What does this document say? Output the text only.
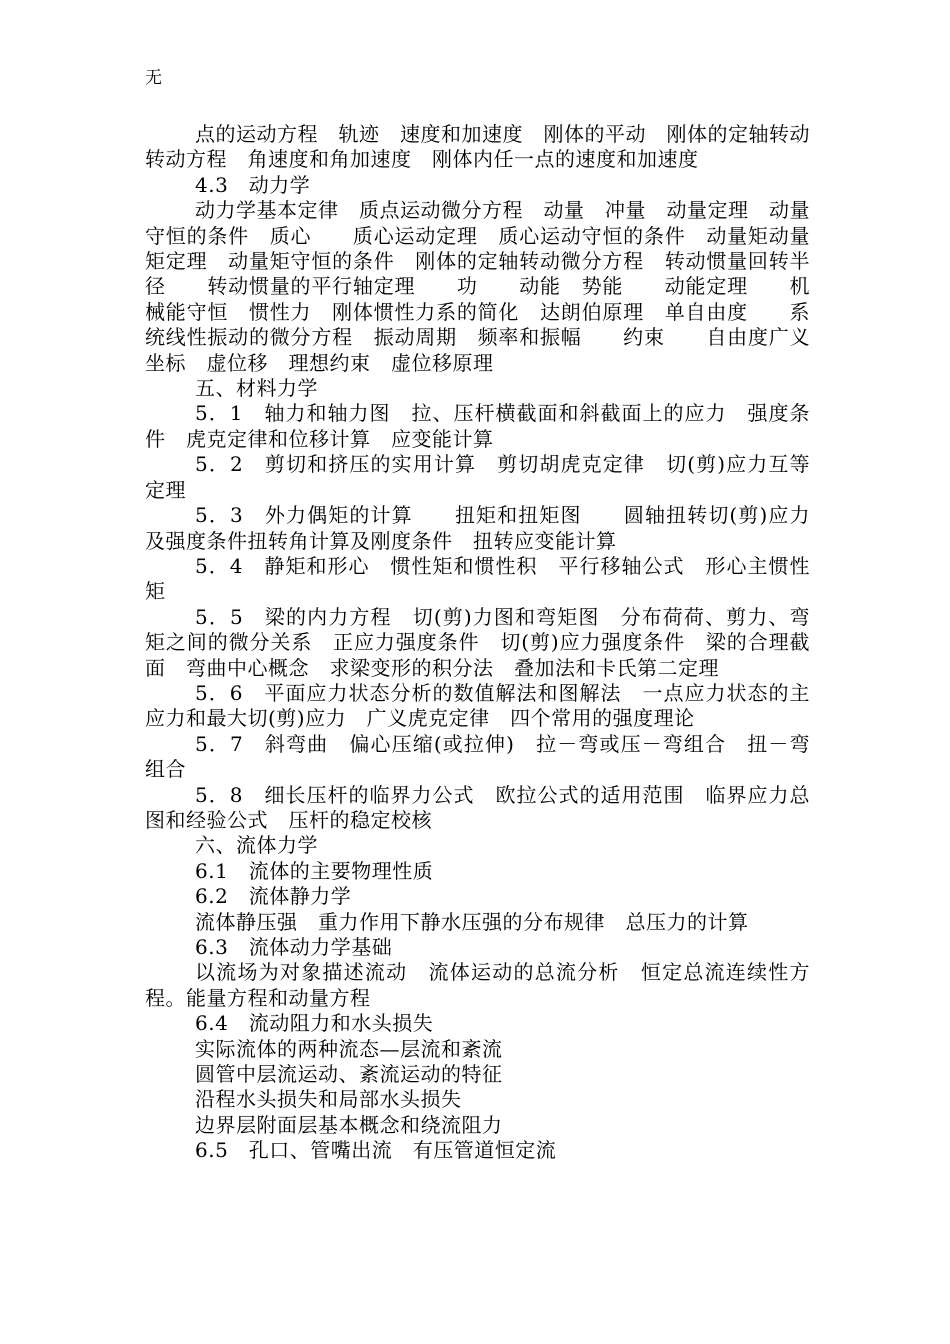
无

点的运动方程　轨迹　速度和加速度　刚体的平动　刚体的定轴转动转动方程　角速度和角加速度　刚体内任一点的速度和加速度

4.3　动力学

动力学基本定律　质点运动微分方程　动量　冲量　动量定理　动量守恒的条件　质心　　质心运动定理　质心运动守恒的条件　动量矩动量矩定理　动量矩守恒的条件　刚体的定轴转动微分方程　转动惯量回转半径　　转动惯量的平行轴定理　　功　　动能　势能　　动能定理　　机械能守恒　惯性力　刚体惯性力系的简化　达朗伯原理　单自由度　　系统线性振动的微分方程　振动周期　频率和振幅　　约束　　自由度广义坐标　虚位移　理想约束　虚位移原理

五、材料力学

5．1　轴力和轴力图　拉、压杆横截面和斜截面上的应力　强度条件　虎克定律和位移计算　应变能计算

5．2　剪切和挤压的实用计算　剪切胡虎克定律　切(剪)应力互等定理

5．3　外力偶矩的计算　　扭矩和扭矩图　　圆轴扭转切(剪)应力及强度条件扭转角计算及刚度条件　扭转应变能计算

5．4　静矩和形心　惯性矩和惯性积　平行移轴公式　形心主惯性矩

5．5　梁的内力方程　切(剪)力图和弯矩图　分布荷荷、剪力、弯矩之间的微分关系　正应力强度条件　切(剪)应力强度条件　梁的合理截面　弯曲中心概念　求梁变形的积分法　叠加法和卡氏第二定理

5．6　平面应力状态分析的数值解法和图解法　一点应力状态的主应力和最大切(剪)应力　广义虎克定律　四个常用的强度理论

5．7　斜弯曲　偏心压缩(或拉伸)　拉－弯或压－弯组合　扭－弯组合

5．8　细长压杆的临界力公式　欧拉公式的适用范围　临界应力总图和经验公式　压杆的稳定校核

六、流体力学

6.1　流体的主要物理性质

6.2　流体静力学

流体静压强　重力作用下静水压强的分布规律　总压力的计算

6.3　流体动力学基础

以流场为对象描述流动　流体运动的总流分析　恒定总流连续性方程。能量方程和动量方程

6.4　流动阻力和水头损失

实际流体的两种流态—层流和紊流

圆管中层流运动、紊流运动的特征

沿程水头损失和局部水头损失

边界层附面层基本概念和绕流阻力

6.5　孔口、管嘴出流　有压管道恒定流
